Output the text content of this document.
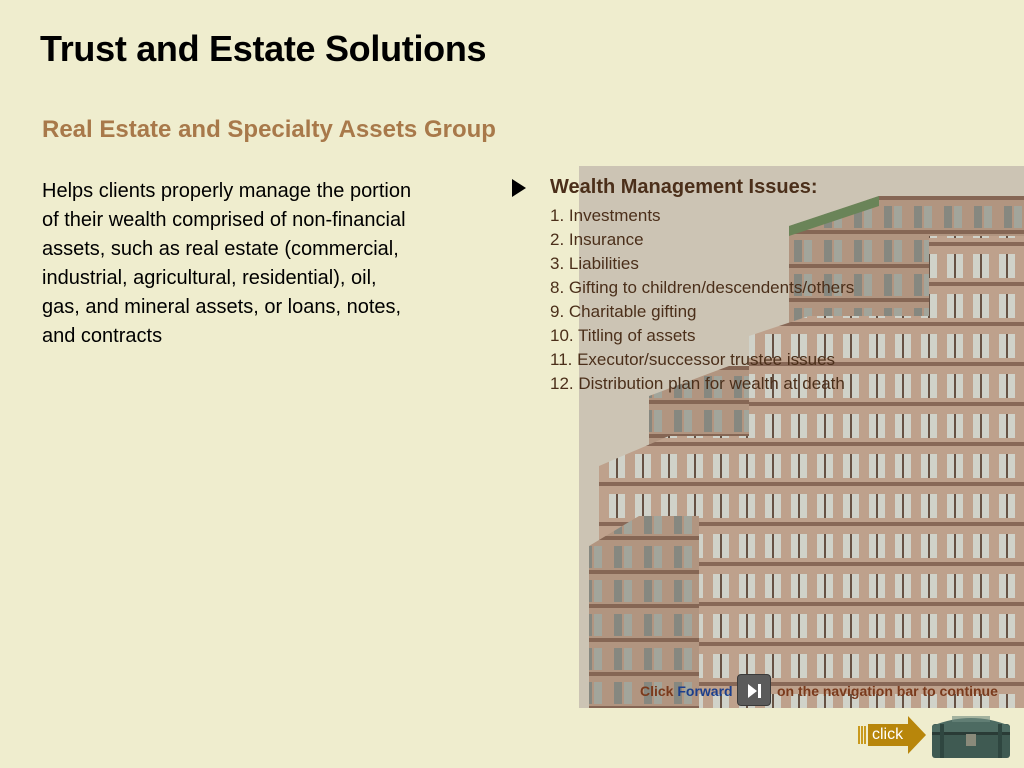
Trust and Estate Solutions
Real Estate and Specialty Assets Group
Helps clients properly manage the portion of their wealth comprised of non-financial assets, such as real estate (commercial, industrial, agricultural, residential), oil, gas, and mineral assets, or loans, notes, and contracts
Wealth Management Issues:
1. Investments
2. Insurance
3. Liabilities
8. Gifting to children/descendents/others
9. Charitable gifting
10. Titling of assets
11. Executor/successor trustee issues
12. Distribution plan for wealth at death
Click Forward	on the navigation bar to continue
click
